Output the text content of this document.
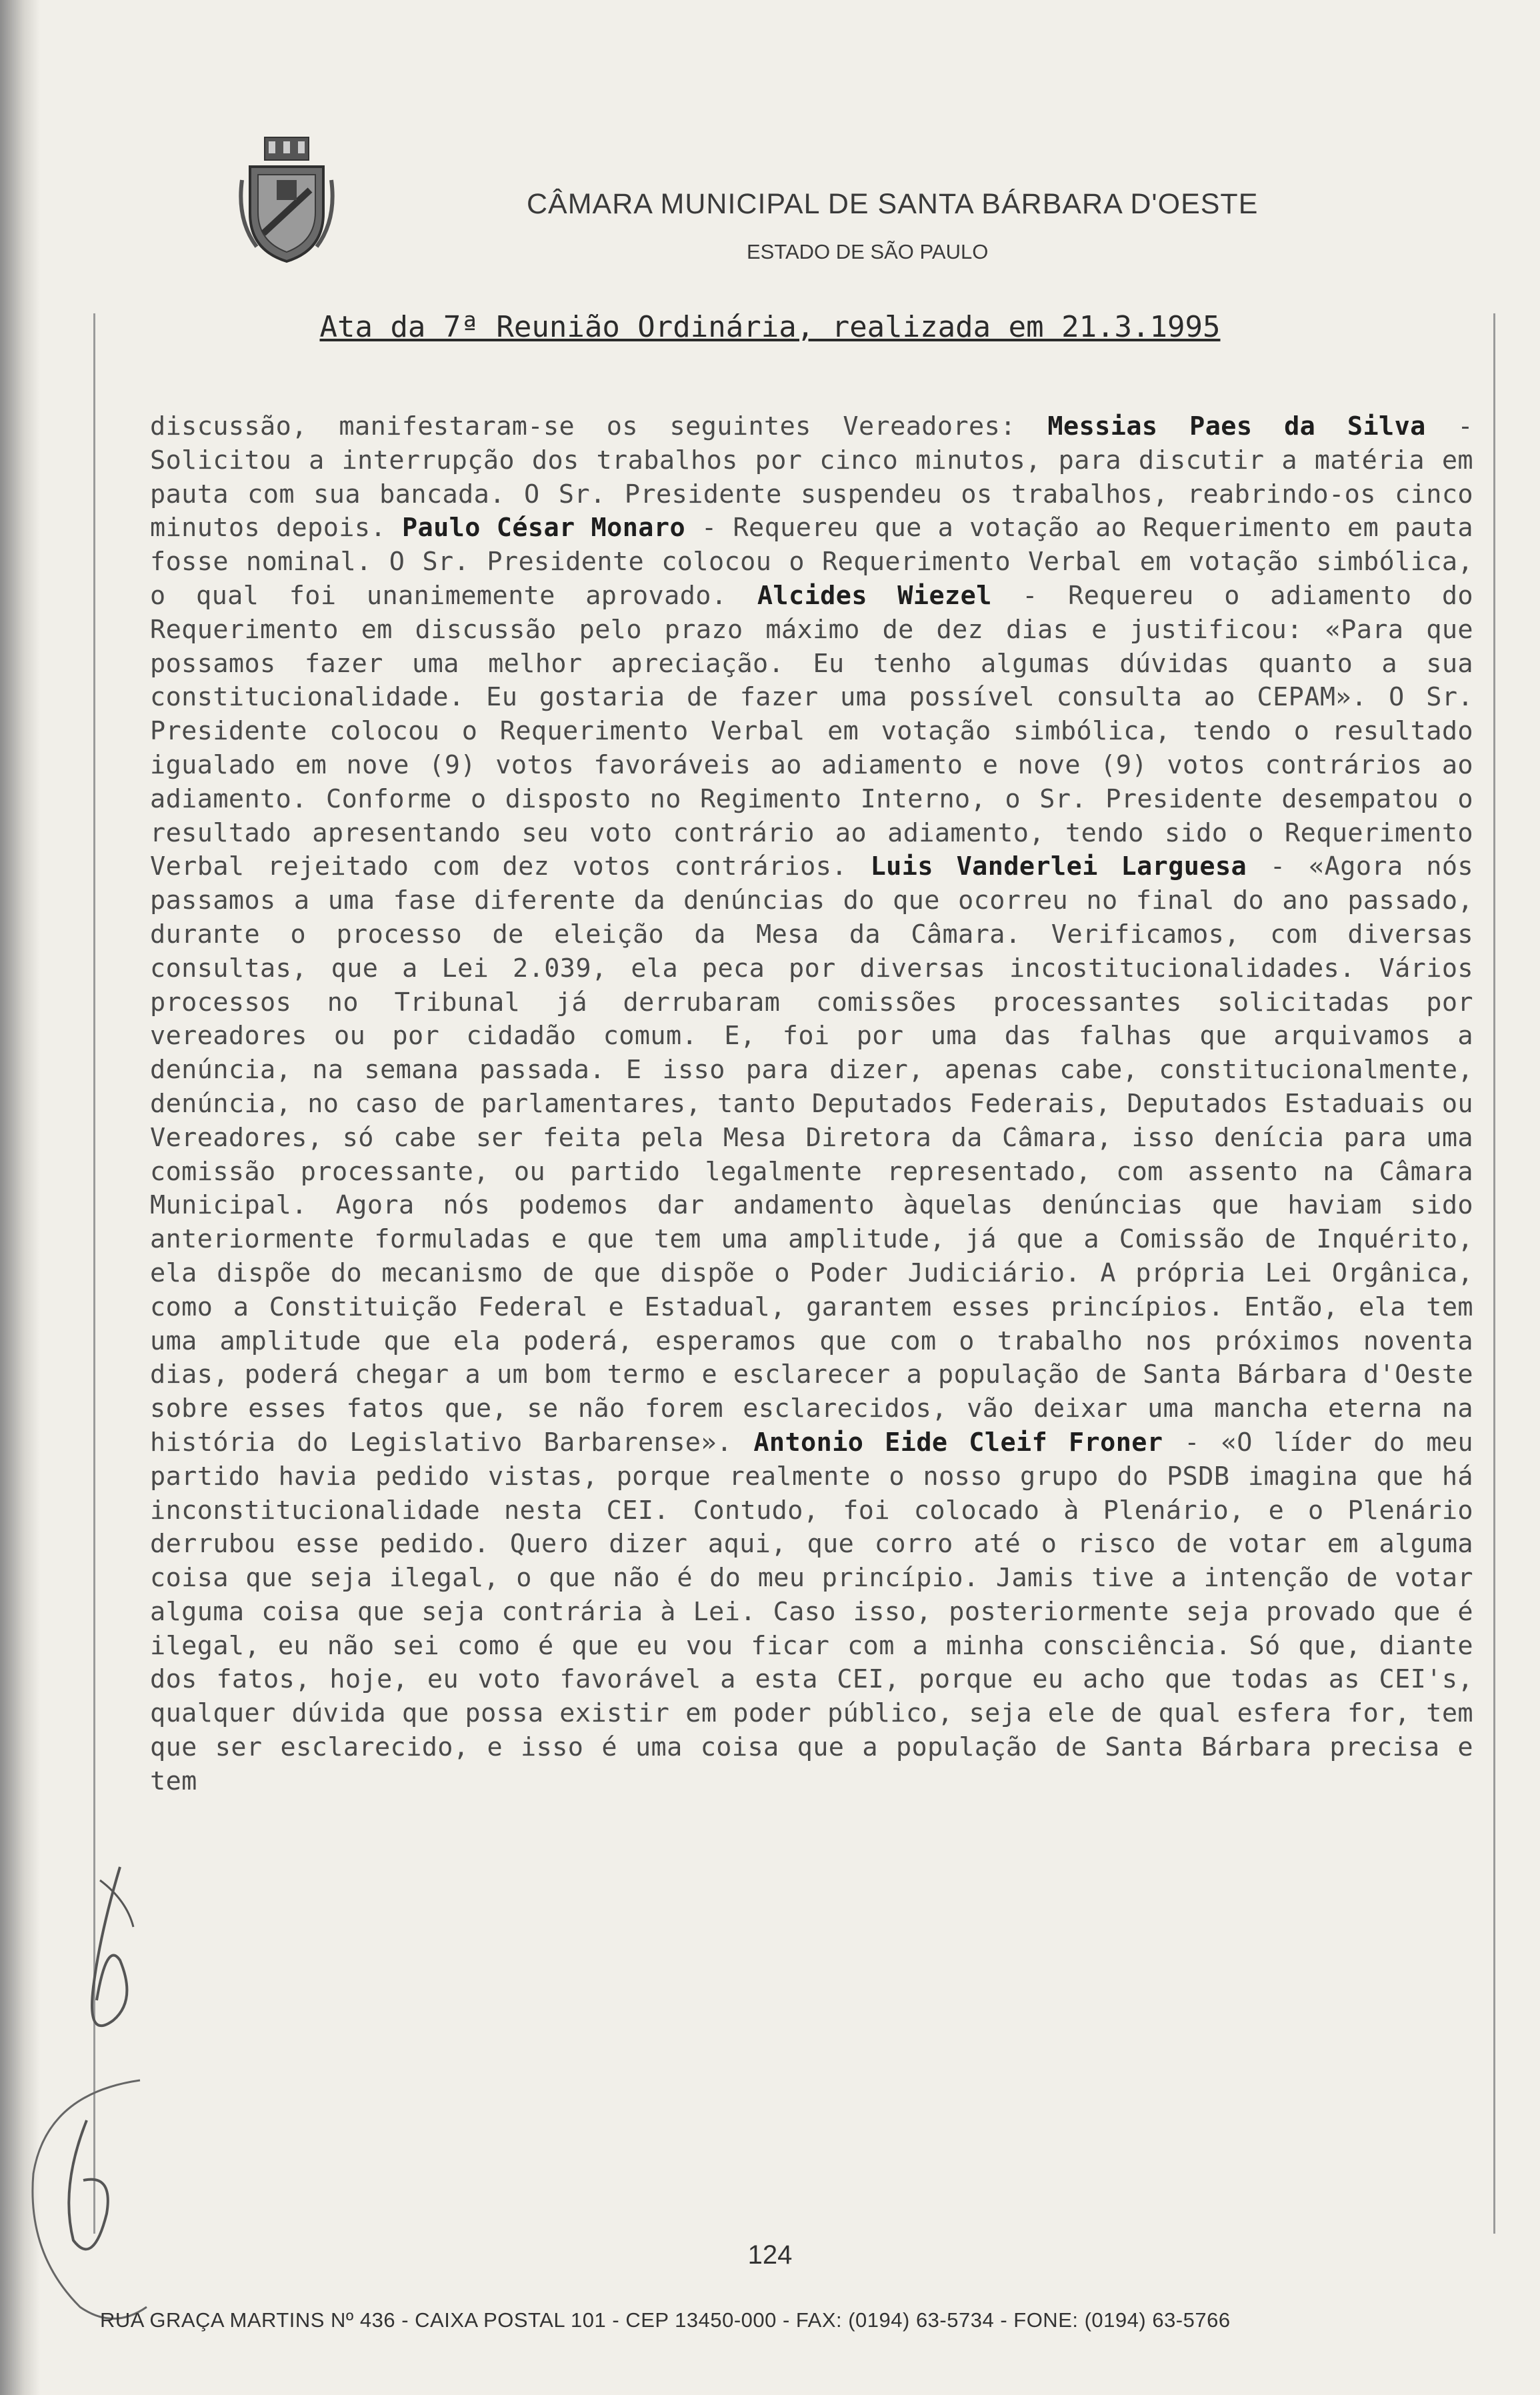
CÂMARA MUNICIPAL DE SANTA BÁRBARA D'OESTE
ESTADO DE SÃO PAULO
Ata da 7ª Reunião Ordinária, realizada em 21.3.1995
discussão, manifestaram-se os seguintes Vereadores: Messias Paes da Silva - Solicitou a interrupção dos trabalhos por cinco minutos, para discutir a matéria em pauta com sua bancada. O Sr. Presidente suspendeu os trabalhos, reabrindo-os cinco minutos depois. Paulo César Monaro - Requereu que a votação ao Requerimento em pauta fosse nominal. O Sr. Presidente colocou o Requerimento Verbal em votação simbólica, o qual foi unanimemente aprovado. Alcides Wiezel - Requereu o adiamento do Requerimento em discussão pelo prazo máximo de dez dias e justificou: «Para que possamos fazer uma melhor apreciação. Eu tenho algumas dúvidas quanto a sua constitucionalidade. Eu gostaria de fazer uma possível consulta ao CEPAM». O Sr. Presidente colocou o Requerimento Verbal em votação simbólica, tendo o resultado igualado em nove (9) votos favoráveis ao adiamento e nove (9) votos contrários ao adiamento. Conforme o disposto no Regimento Interno, o Sr. Presidente desempatou o resultado apresentando seu voto contrário ao adiamento, tendo sido o Requerimento Verbal rejeitado com dez votos contrários. Luis Vanderlei Larguesa - «Agora nós passamos a uma fase diferente da denúncias do que ocorreu no final do ano passado, durante o processo de eleição da Mesa da Câmara. Verificamos, com diversas consultas, que a Lei 2.039, ela peca por diversas incostitucionalidades. Vários processos no Tribunal já derrubaram comissões processantes solicitadas por vereadores ou por cidadão comum. E, foi por uma das falhas que arquivamos a denúncia, na semana passada. E isso para dizer, apenas cabe, constitucionalmente, denúncia, no caso de parlamentares, tanto Deputados Federais, Deputados Estaduais ou Vereadores, só cabe ser feita pela Mesa Diretora da Câmara, isso denícia para uma comissão processante, ou partido legalmente representado, com assento na Câmara Municipal. Agora nós podemos dar andamento àquelas denúncias que haviam sido anteriormente formuladas e que tem uma amplitude, já que a Comissão de Inquérito, ela dispõe do mecanismo de que dispõe o Poder Judiciário. A própria Lei Orgânica, como a Constituição Federal e Estadual, garantem esses princípios. Então, ela tem uma amplitude que ela poderá, esperamos que com o trabalho nos próximos noventa dias, poderá chegar a um bom termo e esclarecer a população de Santa Bárbara d'Oeste sobre esses fatos que, se não forem esclarecidos, vão deixar uma mancha eterna na história do Legislativo Barbarense». Antonio Eide Cleif Froner - «O líder do meu partido havia pedido vistas, porque realmente o nosso grupo do PSDB imagina que há inconstitucionalidade nesta CEI. Contudo, foi colocado à Plenário, e o Plenário derrubou esse pedido. Quero dizer aqui, que corro até o risco de votar em alguma coisa que seja ilegal, o que não é do meu princípio. Jamis tive a intenção de votar alguma coisa que seja contrária à Lei. Caso isso, posteriormente seja provado que é ilegal, eu não sei como é que eu vou ficar com a minha consciência. Só que, diante dos fatos, hoje, eu voto favorável a esta CEI, porque eu acho que todas as CEI's, qualquer dúvida que possa existir em poder público, seja ele de qual esfera for, tem que ser esclarecido, e isso é uma coisa que a população de Santa Bárbara precisa e tem
124
RUA GRAÇA MARTINS Nº 436 - CAIXA POSTAL 101 - CEP 13450-000 - FAX: (0194) 63-5734 - FONE: (0194) 63-5766
